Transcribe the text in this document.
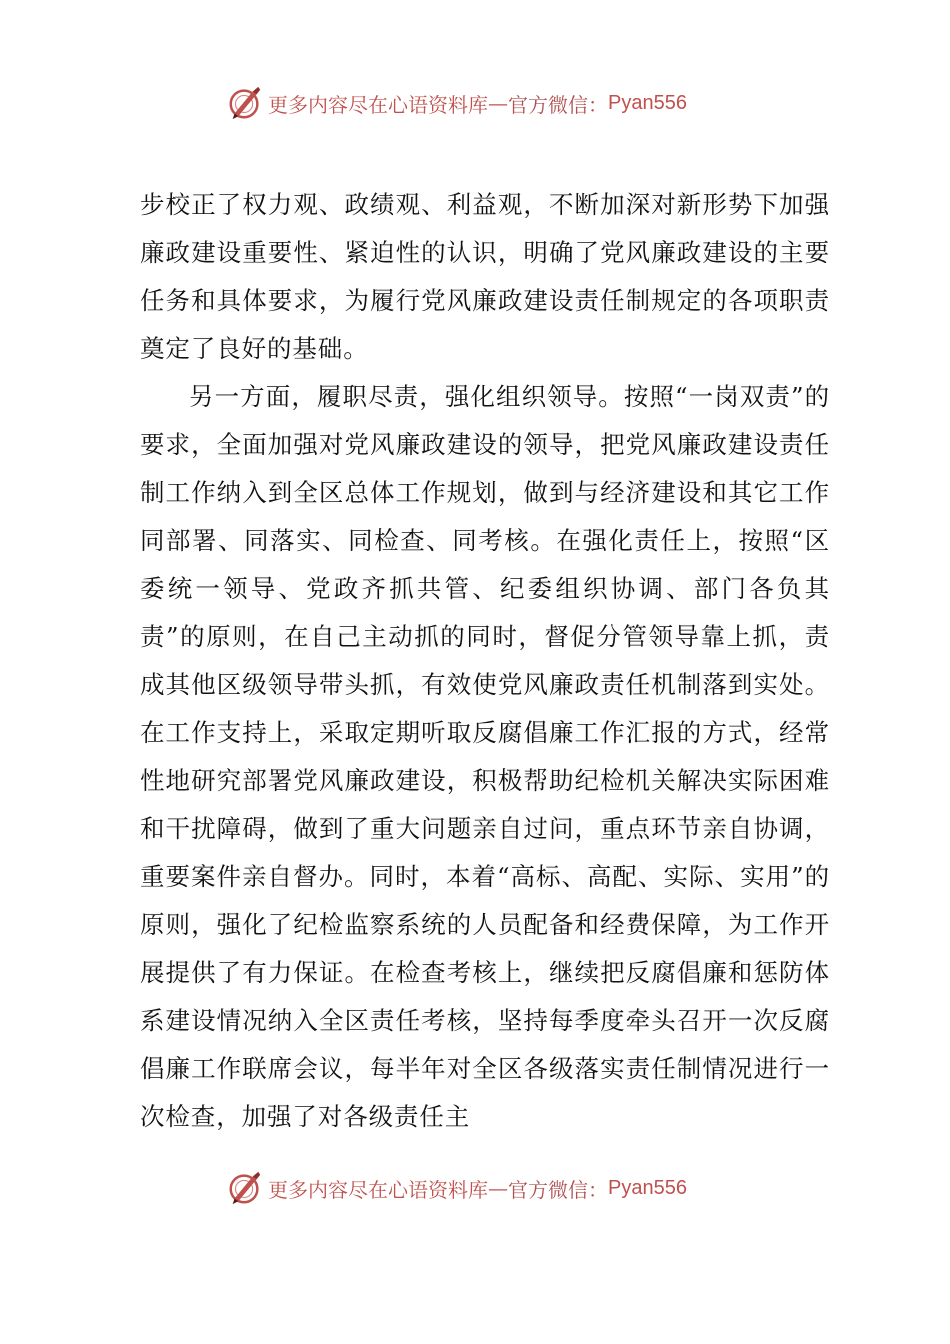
更多内容尽在心语资料库 — 官方微信： Pyan556

步校正了权力观、政绩观、利益观，不断加深对新形势下加强廉政建设重要性、紧迫性的认识，明确了党风廉政建设的主要任务和具体要求，为履行党风廉政建设责任制规定的各项职责奠定了良好的基础。

另一方面，履职尽责，强化组织领导。按照“一岗双责”的要求，全面加强对党风廉政建设的领导，把党风廉政建设责任制工作纳入到全区总体工作规划，做到与经济建设和其它工作同部署、同落实、同检查、同考核。在强化责任上，按照“区委统一领导、党政齐抓共管、纪委组织协调、部门各负其责”的原则，在自己主动抓的同时，督促分管领导靠上抓，责成其他区级领导带头抓，有效使党风廉政责任机制落到实处。在工作支持上，采取定期听取反腐倡廉工作汇报的方式，经常性地研究部署党风廉政建设，积极帮助纪检机关解决实际困难和干扰障碍，做到了重大问题亲自过问，重点环节亲自协调，重要案件亲自督办。同时，本着“高标、高配、实际、实用”的原则，强化了纪检监察系统的人员配备和经费保障，为工作开展提供了有力保证。在检查考核上，继续把反腐倡廉和惩防体系建设情况纳入全区责任考核，坚持每季度牵头召开一次反腐倡廉工作联席会议，每半年对全区各级落实责任制情况进行一次检查，加强了对各级责任主

更多内容尽在心语资料库 — 官方微信： Pyan556
